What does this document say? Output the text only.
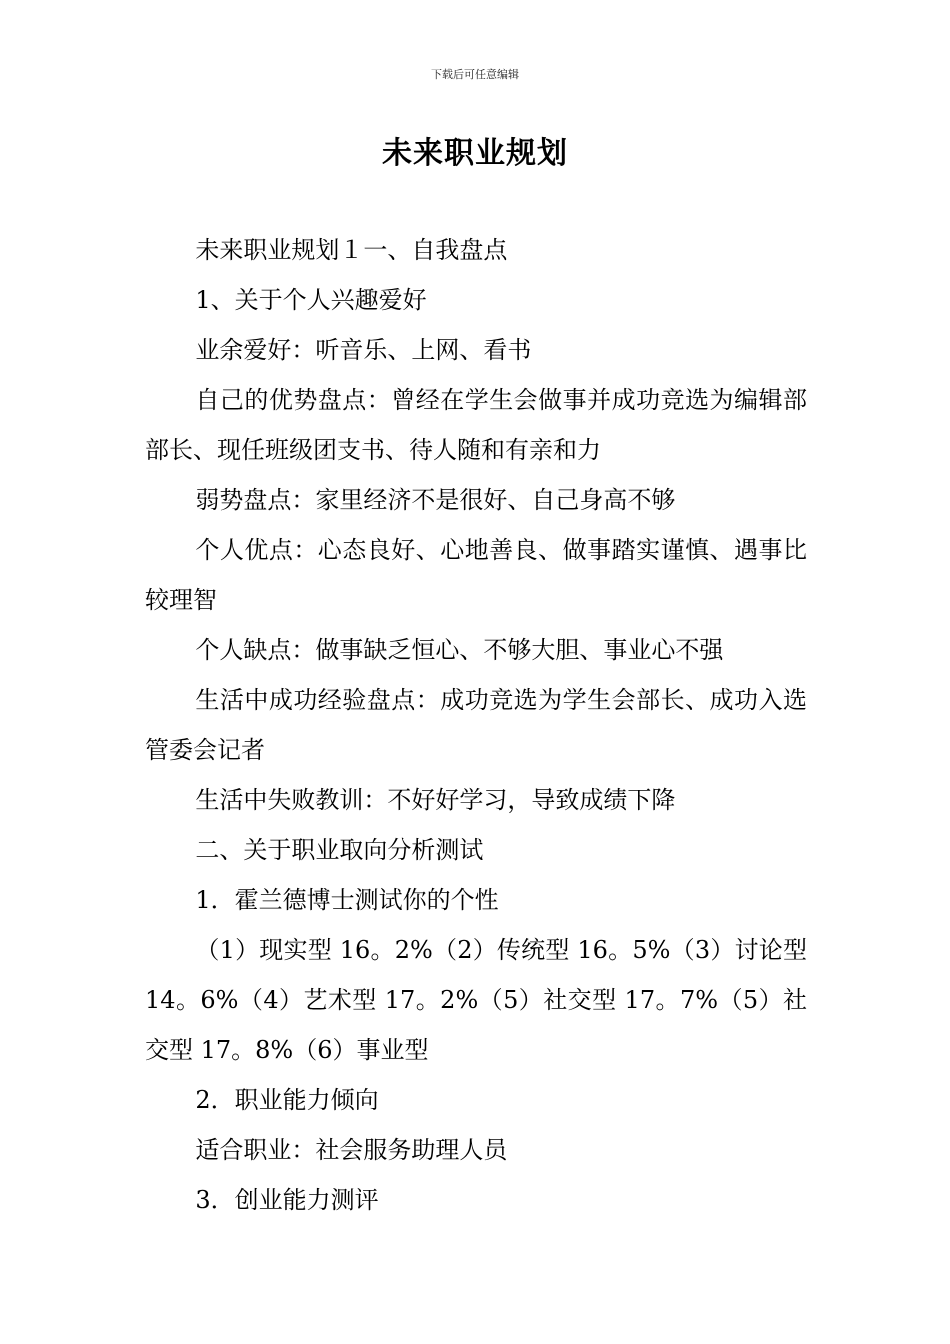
下载后可任意编辑
未来职业规划

未来职业规划１一、自我盘点

1、关于个人兴趣爱好

业余爱好：听音乐、上网、看书

自己的优势盘点：曾经在学生会做事并成功竞选为编辑部部长、现任班级团支书、待人随和有亲和力

弱势盘点：家里经济不是很好、自己身高不够

个人优点：心态良好、心地善良、做事踏实谨慎、遇事比较理智

个人缺点：做事缺乏恒心、不够大胆、事业心不强

生活中成功经验盘点：成功竞选为学生会部长、成功入选管委会记者

生活中失败教训：不好好学习，导致成绩下降

二、关于职业取向分析测试

1．霍兰德博士测试你的个性

（1）现实型 16。2%（2）传统型 16。5%（3）讨论型 14。6%（4）艺术型 17。2%（5）社交型 17。7%（5）社交型 17。8%（6）事业型

2．职业能力倾向

适合职业：社会服务助理人员

3．创业能力测评
